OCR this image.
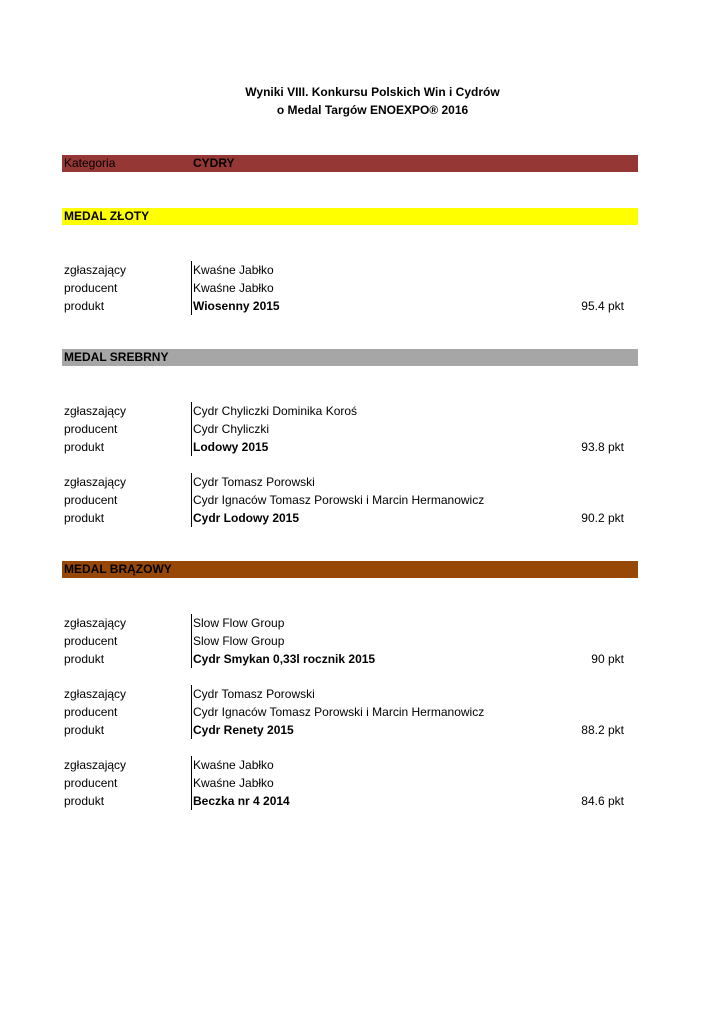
Wyniki VIII. Konkursu Polskich Win i Cydrów
o Medal Targów ENOEXPO® 2016
Kategoria	CYDRY
MEDAL ZŁOTY
zgłaszający	Kwaśne Jabłko
producent	Kwaśne Jabłko
produkt	Wiosenny 2015	95.4 pkt
MEDAL SREBRNY
zgłaszający	Cydr Chyliczki Dominika Koroś
producent	Cydr Chyliczki
produkt	Lodowy 2015	93.8 pkt
zgłaszający	Cydr Tomasz Porowski
producent	Cydr Ignaców Tomasz Porowski i Marcin Hermanowicz
produkt	Cydr Lodowy 2015	90.2 pkt
MEDAL BRĄZOWY
zgłaszający	Slow Flow Group
producent	Slow Flow Group
produkt	Cydr Smykan 0,33l rocznik 2015	90 pkt
zgłaszający	Cydr Tomasz Porowski
producent	Cydr Ignaców Tomasz Porowski i Marcin Hermanowicz
produkt	Cydr Renety 2015	88.2 pkt
zgłaszający	Kwaśne Jabłko
producent	Kwaśne Jabłko
produkt	Beczka nr 4 2014	84.6 pkt
